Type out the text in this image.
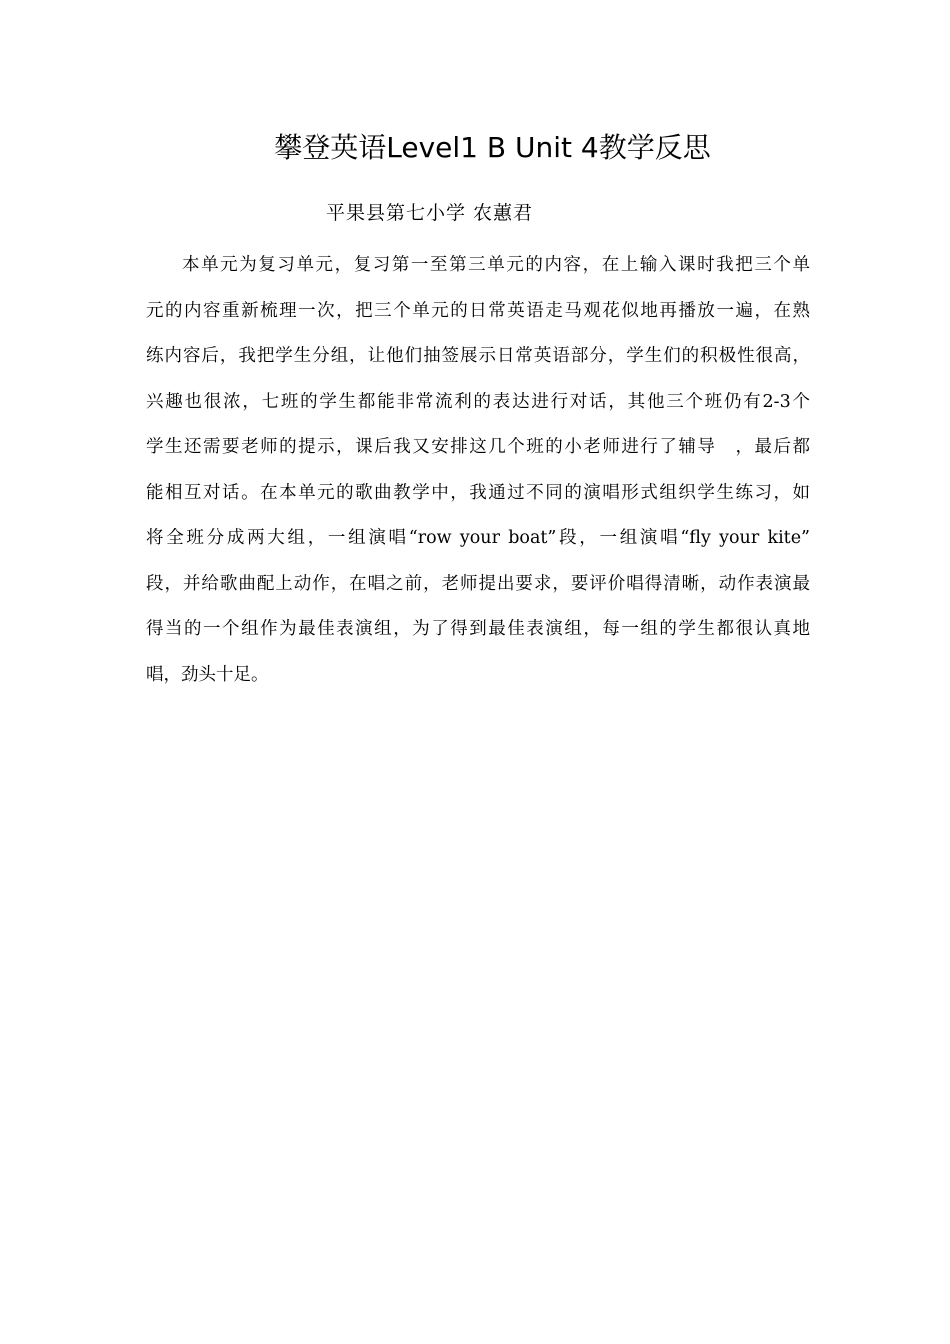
攀登英语Level1 B Unit 4教学反思
平果县第七小学 农蕙君
本单元为复习单元，复习第一至第三单元的内容，在上输入课时我把三个单
元的内容重新梳理一次，把三个单元的日常英语走马观花似地再播放一遍，在熟
练内容后，我把学生分组，让他们抽签展示日常英语部分，学生们的积极性很高，
兴趣也很浓，七班的学生都能非常流利的表达进行对话，其他三个班仍有2-3个
学生还需要老师的提示，课后我又安排这几个班的小老师进行了辅导　，最后都
能相互对话。在本单元的歌曲教学中，我通过不同的演唱形式组织学生练习，如
将全班分成两大组，一组演唱“row your boat”段，一组演唱“fly your kite”
段，并给歌曲配上动作，在唱之前，老师提出要求，要评价唱得清晰，动作表演最
得当的一个组作为最佳表演组，为了得到最佳表演组，每一组的学生都很认真地
唱，劲头十足。
